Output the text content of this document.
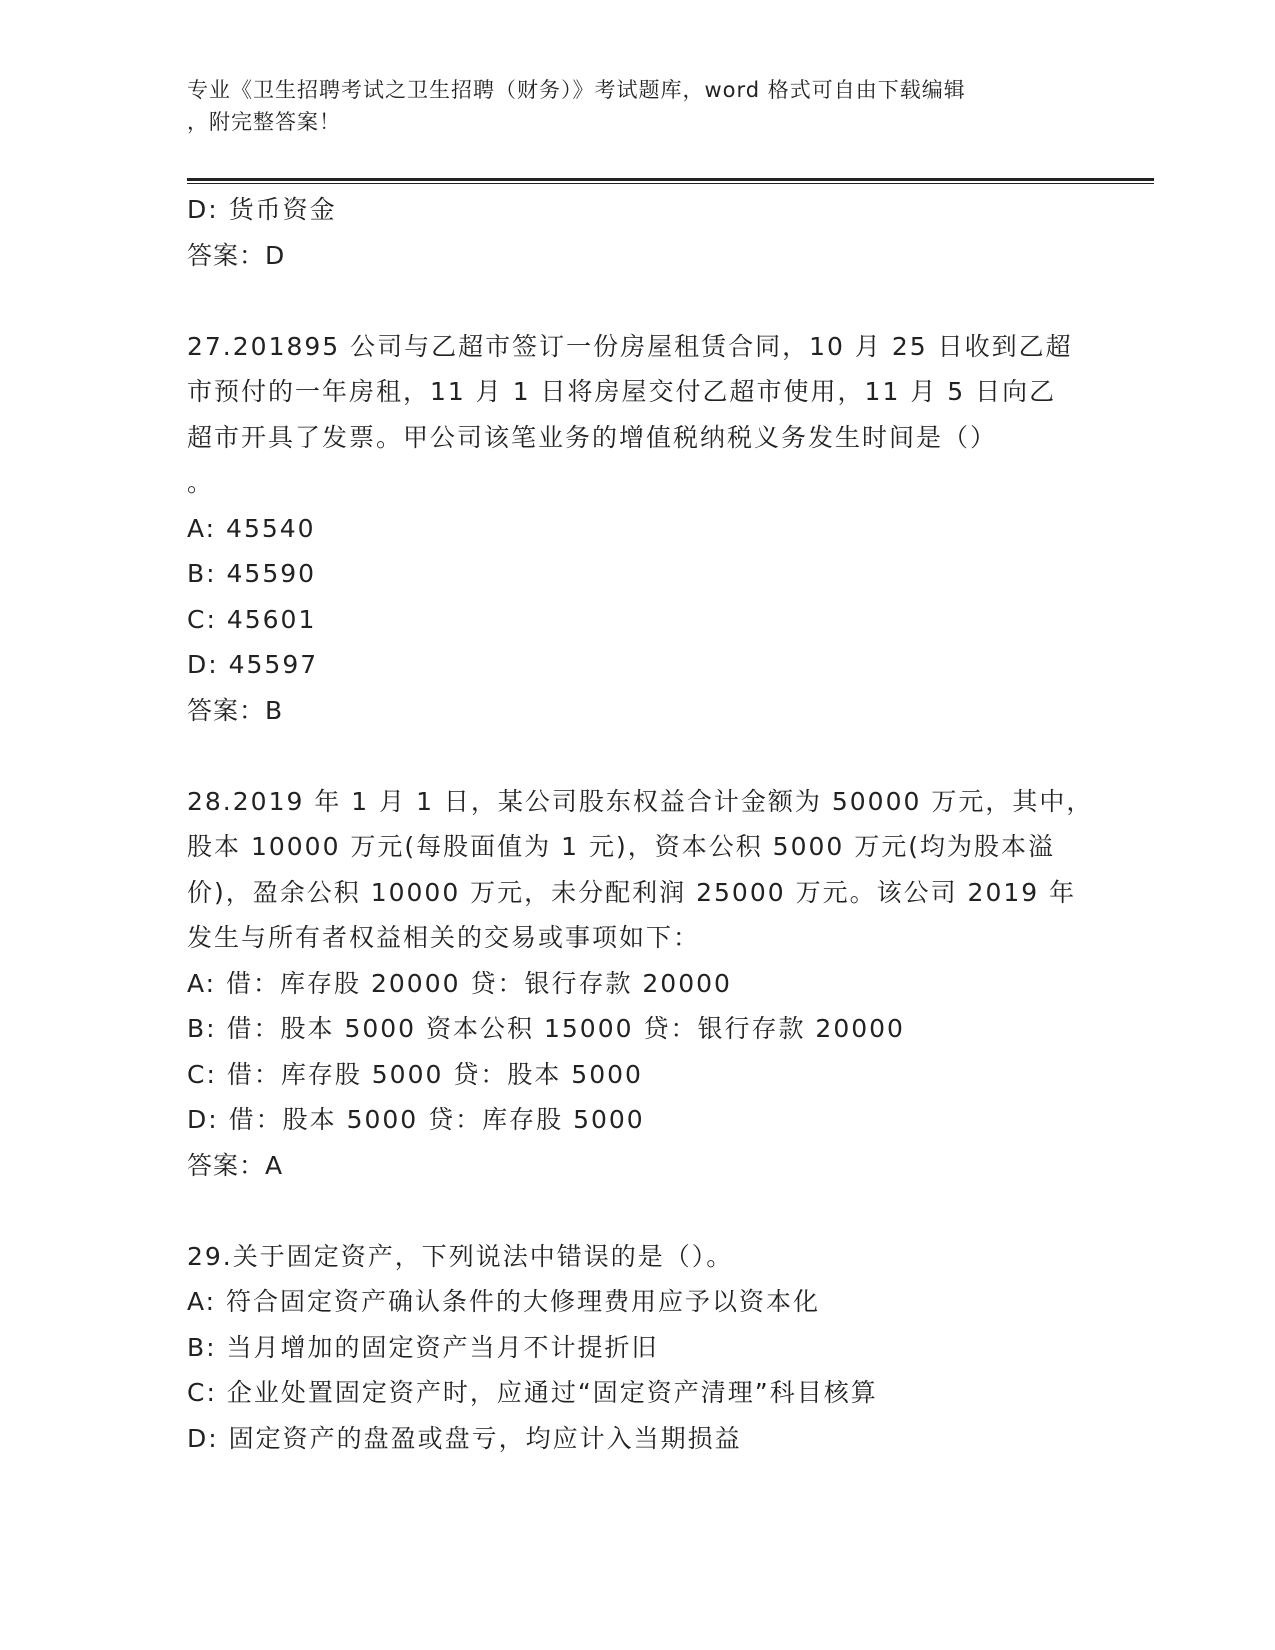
专业《卫生招聘考试之卫生招聘（财务）》考试题库，word 格式可自由下载编辑
，附完整答案！
D: 货币资金
答案：D
27.201895 公司与乙超市签订一份房屋租赁合同，10 月 25 日收到乙超
市预付的一年房租，11 月 1 日将房屋交付乙超市使用，11 月 5 日向乙
超市开具了发票。甲公司该笔业务的增值税纳税义务发生时间是（）
。
A: 45540
B: 45590
C: 45601
D: 45597
答案：B
28.2019 年 1 月 1 日，某公司股东权益合计金额为 50000 万元，其中，
股本 10000 万元(每股面值为 1 元)，资本公积 5000 万元(均为股本溢
价)，盈余公积 10000 万元，未分配利润 25000 万元。该公司 2019 年
发生与所有者权益相关的交易或事项如下：
A: 借：库存股 20000 贷：银行存款 20000
B: 借：股本 5000 资本公积 15000 贷：银行存款 20000
C: 借：库存股 5000 贷：股本 5000
D: 借：股本 5000 贷：库存股 5000
答案：A
29.关于固定资产，下列说法中错误的是（）。
A: 符合固定资产确认条件的大修理费用应予以资本化
B: 当月增加的固定资产当月不计提折旧
C: 企业处置固定资产时，应通过“固定资产清理”科目核算
D: 固定资产的盘盈或盘亏，均应计入当期损益
